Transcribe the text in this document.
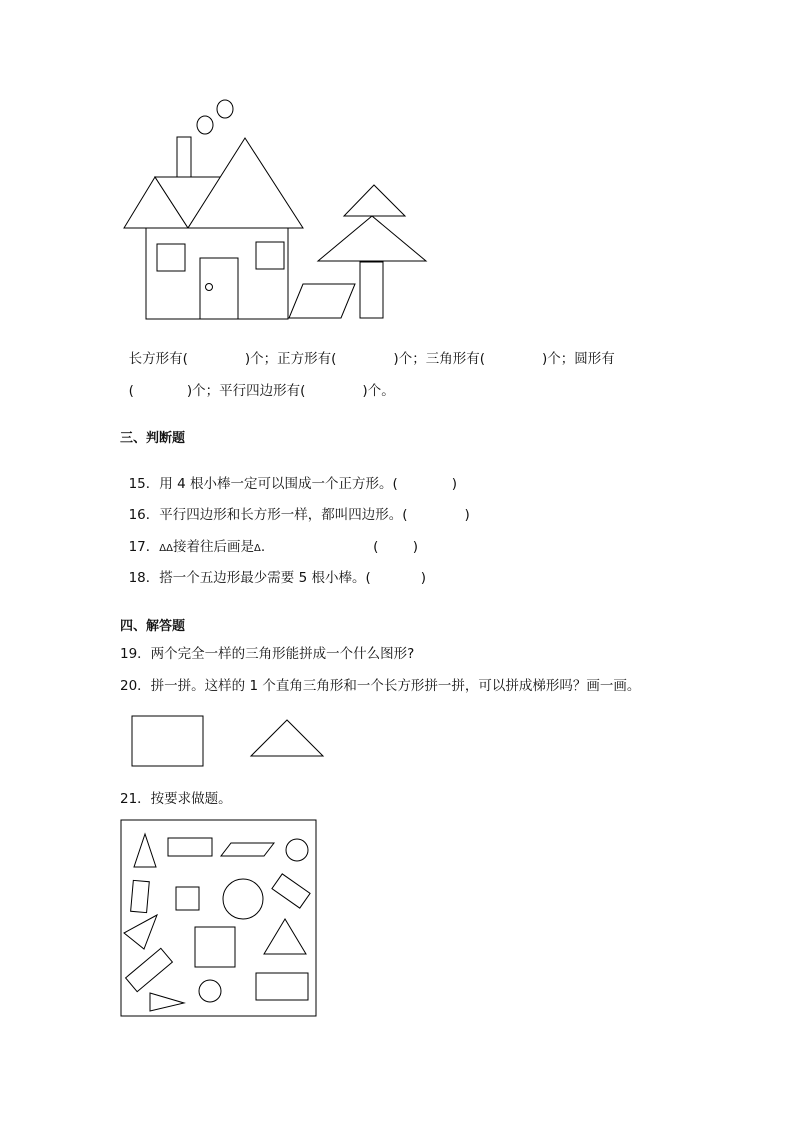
长方形有(	)个；正方形有(	)个；三角形有(	)个；圆形有

(	)个；平行四边形有(	)个。

三、判断题

15．用 4 根小棒一定可以围成一个正方形。(	)

16．平行四边形和长方形一样，都叫四边形。(	)

17．ΔΔ接着往后画是Δ.	(        )

18．搭一个五边形最少需要 5 根小棒。(	)

四、解答题
19．两个完全一样的三角形能拼成一个什么图形?
20．拼一拼。这样的 1 个直角三角形和一个长方形拼一拼，可以拼成梯形吗？画一画。
21．按要求做题。
